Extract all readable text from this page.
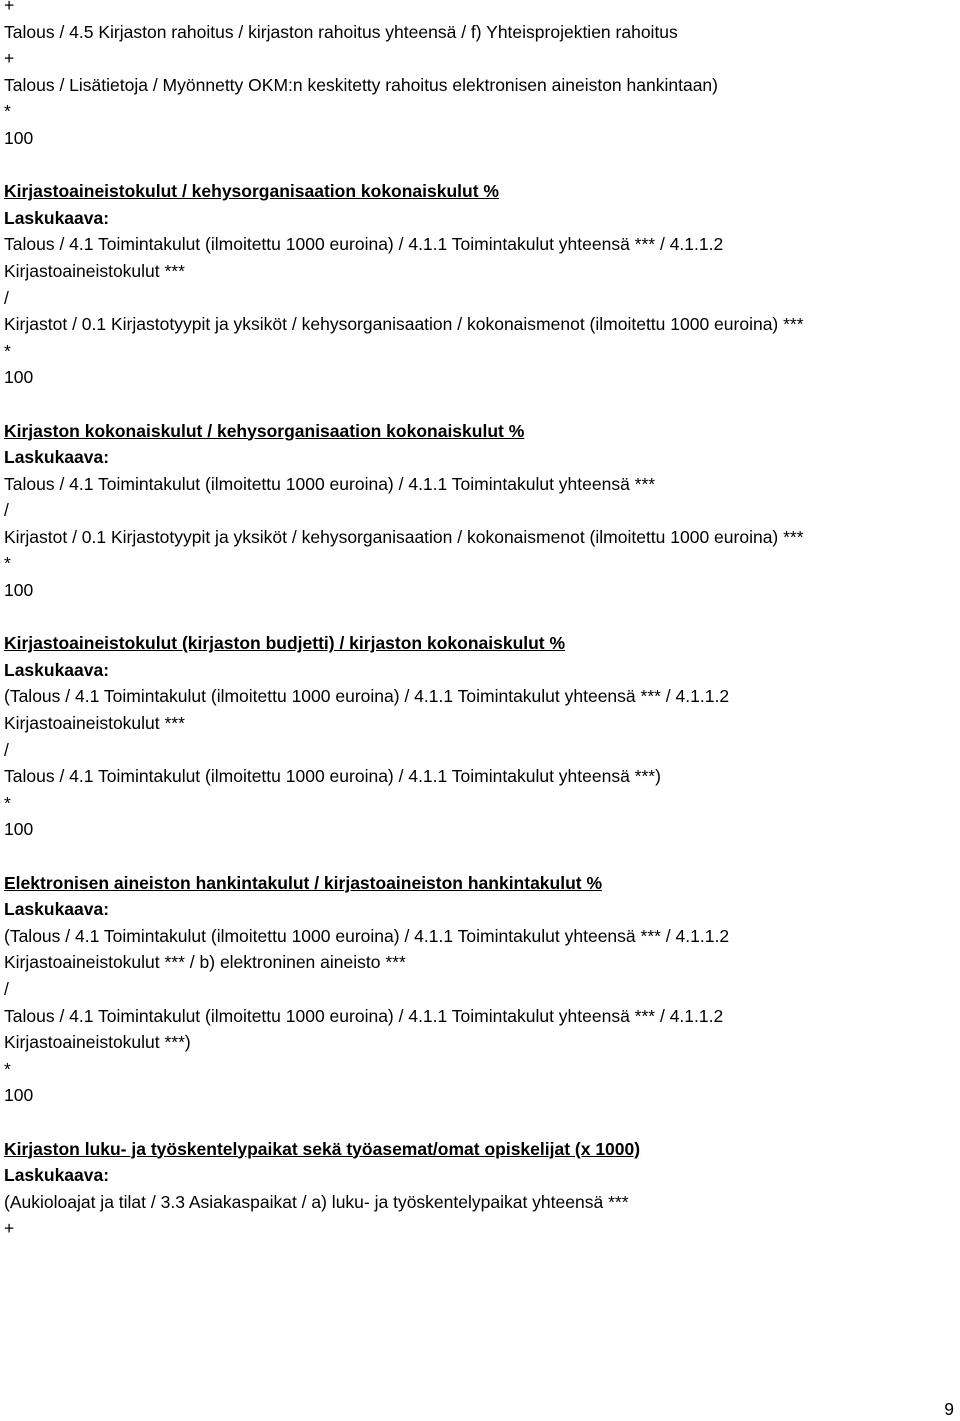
+
Talous / 4.5 Kirjaston rahoitus / kirjaston rahoitus yhteensä / f) Yhteisprojektien rahoitus
+
Talous / Lisätietoja / Myönnetty OKM:n keskitetty rahoitus elektronisen aineiston hankintaan)
*
100
Kirjastoaineistokulut / kehysorganisaation kokonaiskulut %
Laskukaava:
Talous / 4.1 Toimintakulut (ilmoitettu 1000 euroina) / 4.1.1 Toimintakulut yhteensä *** / 4.1.1.2
Kirjastoaineistokulut ***
/
Kirjastot / 0.1 Kirjastotyypit ja yksiköt / kehysorganisaation / kokonaismenot (ilmoitettu 1000 euroina) ***
*
100
Kirjaston kokonaiskulut / kehysorganisaation kokonaiskulut %
Laskukaava:
Talous / 4.1 Toimintakulut (ilmoitettu 1000 euroina) / 4.1.1 Toimintakulut yhteensä ***
/
Kirjastot / 0.1 Kirjastotyypit ja yksiköt / kehysorganisaation / kokonaismenot (ilmoitettu 1000 euroina) ***
*
100
Kirjastoaineistokulut (kirjaston budjetti) / kirjaston kokonaiskulut %
Laskukaava:
(Talous / 4.1 Toimintakulut (ilmoitettu 1000 euroina) / 4.1.1 Toimintakulut yhteensä *** / 4.1.1.2
Kirjastoaineistokulut ***
/
Talous / 4.1 Toimintakulut (ilmoitettu 1000 euroina) / 4.1.1 Toimintakulut yhteensä ***)
*
100
Elektronisen aineiston hankintakulut / kirjastoaineiston hankintakulut %
Laskukaava:
(Talous / 4.1 Toimintakulut (ilmoitettu 1000 euroina) / 4.1.1 Toimintakulut yhteensä *** / 4.1.1.2
Kirjastoaineistokulut *** / b) elektroninen aineisto ***
/
Talous / 4.1 Toimintakulut (ilmoitettu 1000 euroina) / 4.1.1 Toimintakulut yhteensä *** / 4.1.1.2
Kirjastoaineistokulut ***)
*
100
Kirjaston luku- ja työskentelypaikat sekä työasemat/omat opiskelijat (x 1000)
Laskukaava:
(Aukioloajat ja tilat / 3.3 Asiakaspaikat / a) luku- ja työskentelypaikat yhteensä ***
+
9
